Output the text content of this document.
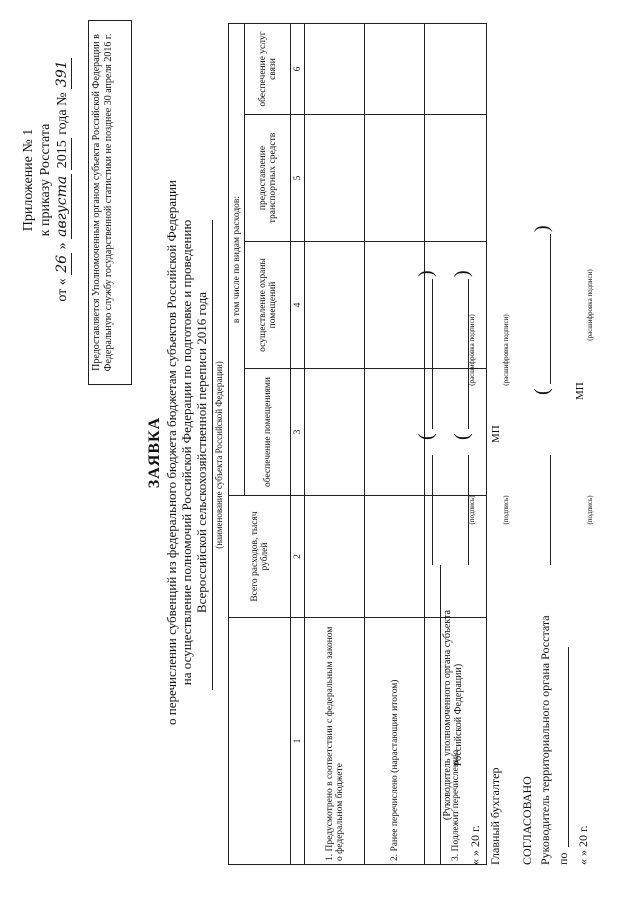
Приложение № 1 к приказу Росстата
от « 26 » августа 2015 года № 391	Предоставляется Уполномоченным органом субъекта Российской Федерации в Федеральную службу государственной статистики не позднее 30 апреля 2016 г.
ЗАЯВКА о перечислении субвенций из федерального бюджета бюджетам субъектов Российской Федерации на осуществление полномочий Российской Федерации по подготовке и проведению Всероссийской сельскохозяйственной переписи 2016 года (наименование субъекта Российской Федерации)
	Всего расходов, тысяч рублей	в том числе по видам расходов:			
		обеспечение помещениями	осуществление охраны помещений	предоставление транспортных средств	обеспечение услуг связи
1	2	3	4	5	6
1. Предусмотрено в соответствии с федеральным законом о федеральном бюджете					
2. Ранее перечислено (нарастающим итогом)					
3. Подлежит перечислению					
(Руководитель уполномоченного органа субъекта Российской Федерации)
« » 20 г.
(
)
(подпись)
(расшифровка подписи)
Главный бухгалтер
(
)
(подпись)
(расшифровка подписи)
МП
СОГЛАСОВАНО Руководитель территориального органа Росстата по « » 20 г.
(
)
(подпись)
(расшифровка подписи)
МП
